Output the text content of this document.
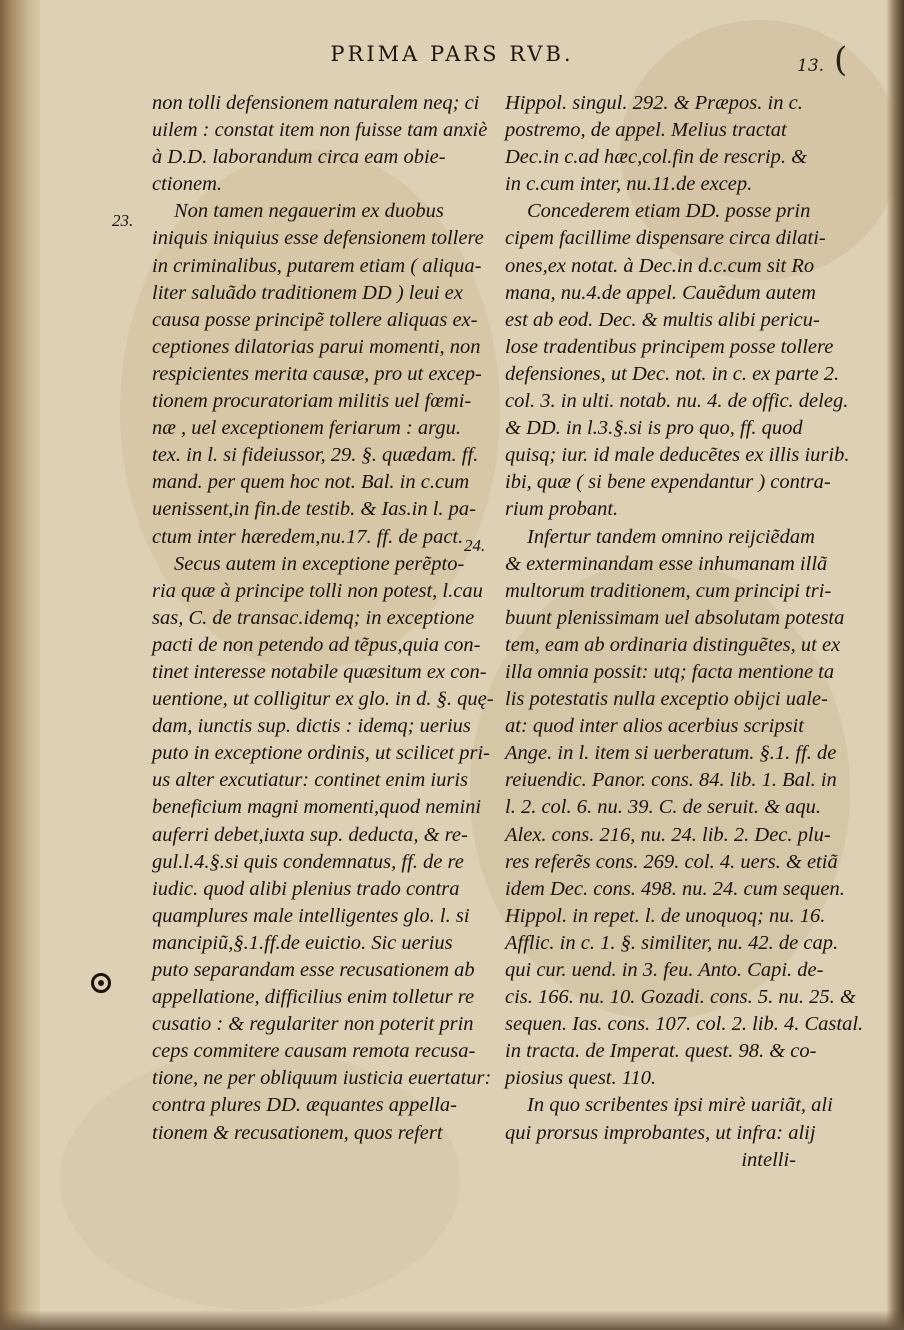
PRIMA PARS RVB.	13. (
23.
24.
non tolli defensionem naturalem neq; ci
uilem : constat item non fuisse tam anxiè
à D.D. laborandum circa eam obie-
ctionem.
Non tamen negauerim ex duobus
iniquis iniquius esse defensionem tollere
in criminalibus, putarem etiam ( aliqua-
liter saluãdo traditionem DD ) leui ex
causa posse principẽ tollere aliquas ex-
ceptiones dilatorias parui momenti, non
respicientes merita causæ, pro ut excep-
tionem procuratoriam militis uel fœmi-
næ , uel exceptionem feriarum : argu.
tex. in l. si fideiussor, 29. §. quædam. ff.
mand. per quem hoc not. Bal. in c.cum
uenissent,in fin.de testib. & Ias.in l. pa-
ctum inter hæredem,nu.17. ff. de pact.
Secus autem in exceptione perẽpto-
ria quæ à principe tolli non potest, l.cau
sas, C. de transac.idemq; in exceptione
pacti de non petendo ad tẽpus,quia con-
tinet interesse notabile quæsitum ex con-
uentione, ut colligitur ex glo. in d. §. quę-
dam, iunctis sup. dictis : idemq; uerius
puto in exceptione ordinis, ut scilicet pri-
us alter excutiatur: continet enim iuris
beneficium magni momenti,quod nemini
auferri debet,iuxta sup. deducta, & re-
gul.l.4.§.si quis condemnatus, ff. de re
iudic. quod alibi plenius trado contra
quamplures male intelligentes glo. l. si
mancipiũ,§.1.ff.de euictio. Sic uerius
puto separandam esse recusationem ab
appellatione, difficilius enim tolletur re
cusatio : & regulariter non poterit prin
ceps commitere causam remota recusa-
tione, ne per obliquum iusticia euertatur:
contra plures DD. æquantes appella-
tionem & recusationem, quos refert
Hippol. singul. 292. & Præpos. in c.
postremo, de appel. Melius tractat
Dec.in c.ad hæc,col.fin de rescrip. &
in c.cum inter, nu.11.de excep.
Concederem etiam DD. posse prin
cipem facillime dispensare circa dilati-
ones,ex notat. à Dec.in d.c.cum sit Ro
mana, nu.4.de appel. Cauẽdum autem
est ab eod. Dec. & multis alibi pericu-
lose tradentibus principem posse tollere
defensiones, ut Dec. not. in c. ex parte 2.
col. 3. in ulti. notab. nu. 4. de offic. deleg.
& DD. in l.3.§.si is pro quo, ff. quod
quisq; iur. id male deducẽtes ex illis iurib.
ibi, quæ ( si bene expendantur ) contra-
rium probant.
Infertur tandem omnino reijciẽdam
& exterminandam esse inhumanam illã
multorum traditionem, cum principi tri-
buunt plenissimam uel absolutam potesta
tem, eam ab ordinaria distinguẽtes, ut ex
illa omnia possit: utq; facta mentione ta
lis potestatis nulla exceptio obijci uale-
at: quod inter alios acerbius scripsit
Ange. in l. item si uerberatum. §.1. ff. de
reiuendic. Panor. cons. 84. lib. 1. Bal. in
l. 2. col. 6. nu. 39. C. de seruit. & aqu.
Alex. cons. 216, nu. 24. lib. 2. Dec. plu-
res referẽs cons. 269. col. 4. uers. & etiã
idem Dec. cons. 498. nu. 24. cum sequen.
Hippol. in repet. l. de unoquoq; nu. 16.
Afflic. in c. 1. §. similiter, nu. 42. de cap.
qui cur. uend. in 3. feu. Anto. Capi. de-
cis. 166. nu. 10. Gozadi. cons. 5. nu. 25. &
sequen. Ias. cons. 107. col. 2. lib. 4. Castal.
in tracta. de Imperat. quest. 98. & co-
piosius quest. 110.
In quo scribentes ipsi mirè uariãt, ali
qui prorsus improbantes, ut infra: alij
intelli-
